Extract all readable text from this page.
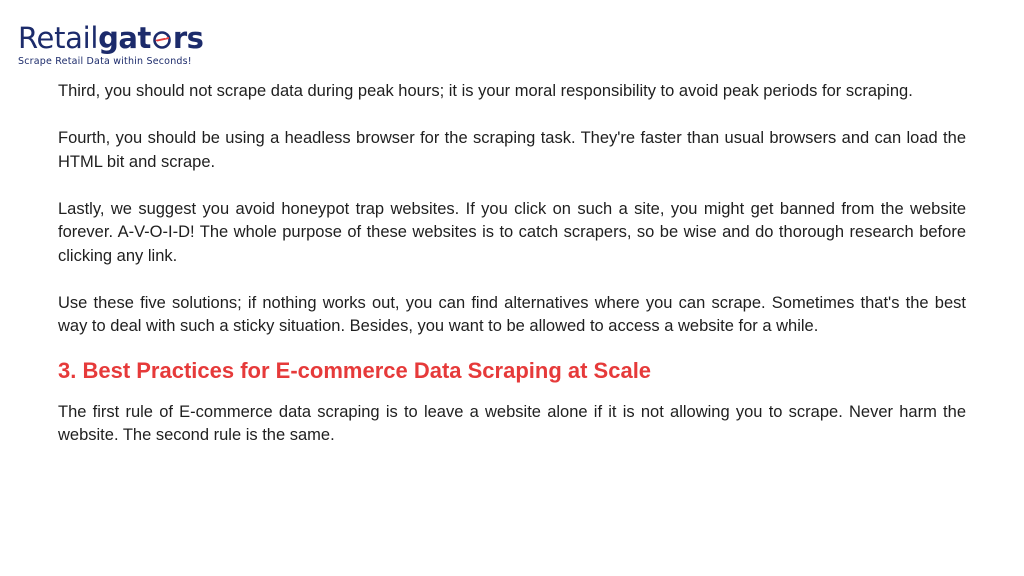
Retail gat rs
Scrape Retail Data within Seconds!

Third, you should not scrape data during peak hours; it is your moral responsibility to avoid peak periods for scraping.

Fourth, you should be using a headless browser for the scraping task. They're faster than usual browsers and can load the HTML bit and scrape.

Lastly, we suggest you avoid honeypot trap websites. If you click on such a site, you might get banned from the website forever. A-V-O-I-D! The whole purpose of these websites is to catch scrapers, so be wise and do thorough research before clicking any link.

Use these five solutions; if nothing works out, you can find alternatives where you can scrape. Sometimes that's the best way to deal with such a sticky situation. Besides, you want to be allowed to access a website for a while.

3. Best Practices for E-commerce Data Scraping at Scale

The first rule of E-commerce data scraping is to leave a website alone if it is not allowing you to scrape. Never harm the website. The second rule is the same.
